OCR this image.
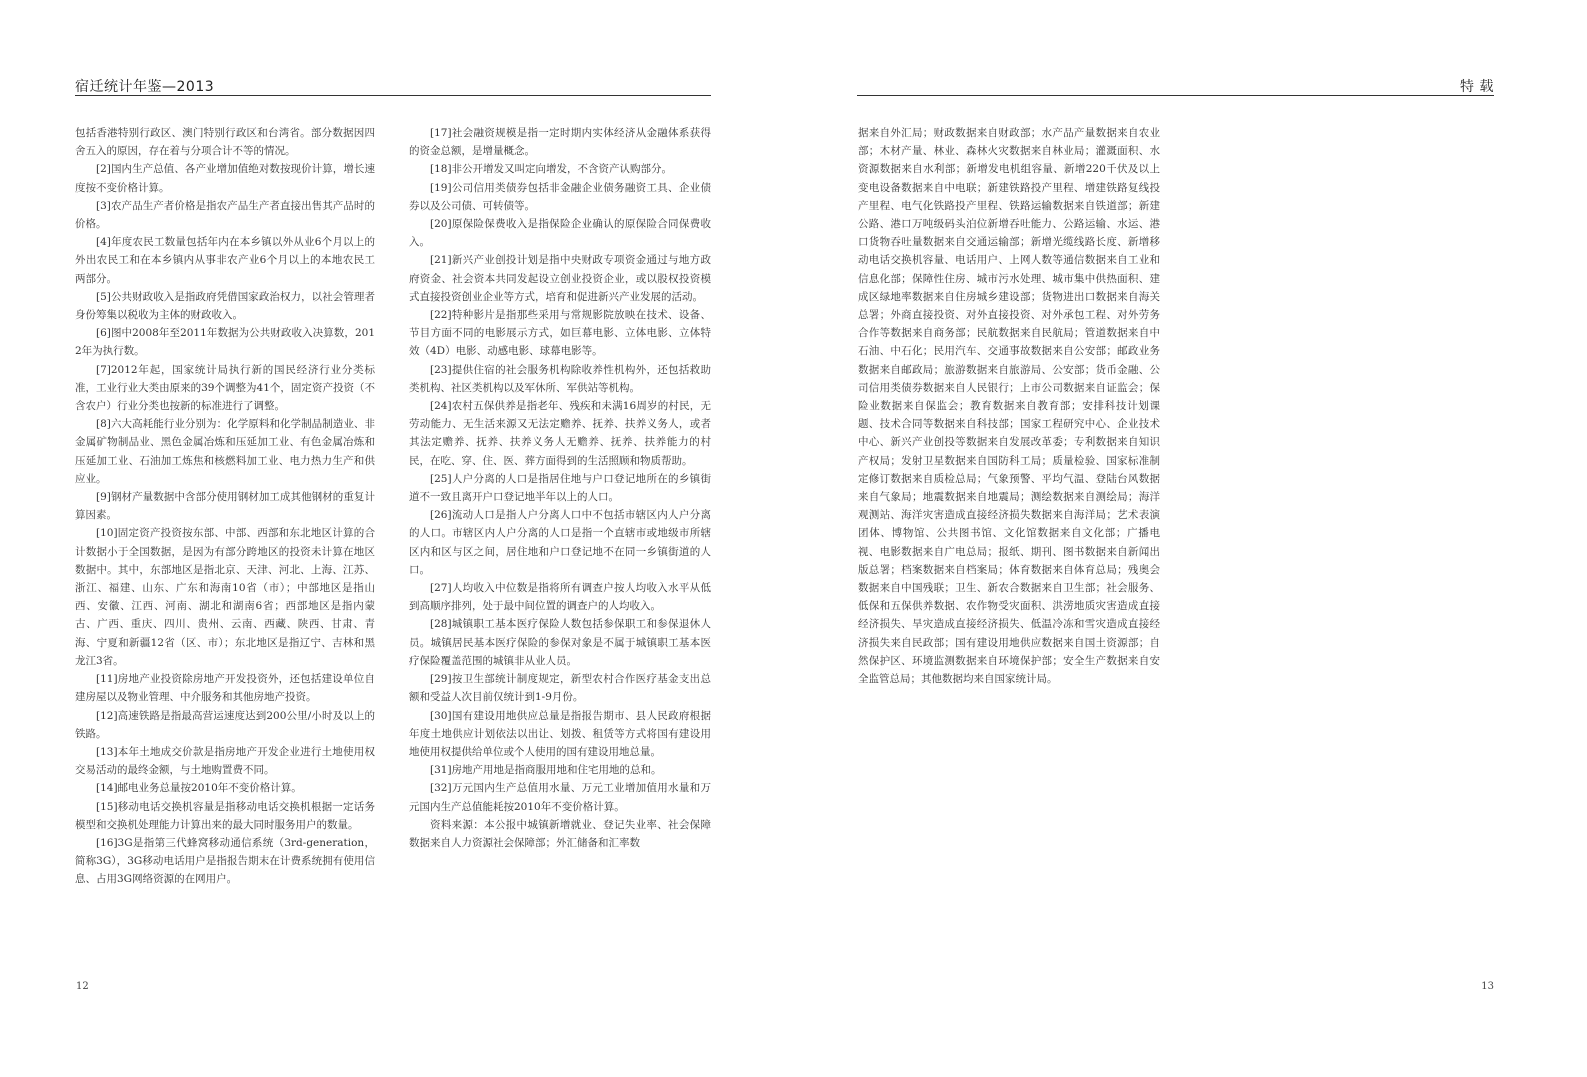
宿迁统计年鉴—2013	特 载

包括香港特别行政区、澳门特别行政区和台湾省。部分数据因四舍五入的原因，存在着与分项合计不等的情况。

[2]国内生产总值、各产业增加值绝对数按现价计算，增长速度按不变价格计算。

[3]农产品生产者价格是指农产品生产者直接出售其产品时的价格。

[4]年度农民工数量包括年内在本乡镇以外从业6个月以上的外出农民工和在本乡镇内从事非农产业6个月以上的本地农民工两部分。

[5]公共财政收入是指政府凭借国家政治权力，以社会管理者身份筹集以税收为主体的财政收入。

[6]图中2008年至2011年数据为公共财政收入决算数，2012年为执行数。

[7]2012年起，国家统计局执行新的国民经济行业分类标准，工业行业大类由原来的39个调整为41个，固定资产投资（不含农户）行业分类也按新的标准进行了调整。

[8]六大高耗能行业分别为：化学原料和化学制品制造业、非金属矿物制品业、黑色金属冶炼和压延加工业、有色金属冶炼和压延加工业、石油加工炼焦和核燃料加工业、电力热力生产和供应业。

[9]钢材产量数据中含部分使用钢材加工成其他钢材的重复计算因素。

[10]固定资产投资按东部、中部、西部和东北地区计算的合计数据小于全国数据，是因为有部分跨地区的投资未计算在地区数据中。其中，东部地区是指北京、天津、河北、上海、江苏、浙江、福建、山东、广东和海南10省（市）；中部地区是指山西、安徽、江西、河南、湖北和湖南6省；西部地区是指内蒙古、广西、重庆、四川、贵州、云南、西藏、陕西、甘肃、青海、宁夏和新疆12省（区、市）；东北地区是指辽宁、吉林和黑龙江3省。

[11]房地产业投资除房地产开发投资外，还包括建设单位自建房屋以及物业管理、中介服务和其他房地产投资。

[12]高速铁路是指最高营运速度达到200公里/小时及以上的铁路。

[13]本年土地成交价款是指房地产开发企业进行土地使用权交易活动的最终金额，与土地购置费不同。

[14]邮电业务总量按2010年不变价格计算。

[15]移动电话交换机容量是指移动电话交换机根据一定话务模型和交换机处理能力计算出来的最大同时服务用户的数量。

[16]3G是指第三代蜂窝移动通信系统（3rd-generation，简称3G），3G移动电话用户是指报告期末在计费系统拥有使用信息、占用3G网络资源的在网用户。

[17]社会融资规模是指一定时期内实体经济从金融体系获得的资金总额，是增量概念。

[18]非公开增发又叫定向增发，不含资产认购部分。

[19]公司信用类债券包括非金融企业债务融资工具、企业债券以及公司债、可转债等。

[20]原保险保费收入是指保险企业确认的原保险合同保费收入。

[21]新兴产业创投计划是指中央财政专项资金通过与地方政府资金、社会资本共同发起设立创业投资企业，或以股权投资模式直接投资创业企业等方式，培育和促进新兴产业发展的活动。

[22]特种影片是指那些采用与常规影院放映在技术、设备、节目方面不同的电影展示方式，如巨幕电影、立体电影、立体特效（4D）电影、动感电影、球幕电影等。

[23]提供住宿的社会服务机构除收养性机构外，还包括救助类机构、社区类机构以及军休所、军供站等机构。

[24]农村五保供养是指老年、残疾和未满16周岁的村民，无劳动能力、无生活来源又无法定赡养、抚养、扶养义务人，或者其法定赡养、抚养、扶养义务人无赡养、抚养、扶养能力的村民，在吃、穿、住、医、葬方面得到的生活照顾和物质帮助。

[25]人户分离的人口是指居住地与户口登记地所在的乡镇街道不一致且离开户口登记地半年以上的人口。

[26]流动人口是指人户分离人口中不包括市辖区内人户分离的人口。市辖区内人户分离的人口是指一个直辖市或地级市所辖区内和区与区之间，居住地和户口登记地不在同一乡镇街道的人口。

[27]人均收入中位数是指将所有调查户按人均收入水平从低到高顺序排列，处于最中间位置的调查户的人均收入。

[28]城镇职工基本医疗保险人数包括参保职工和参保退休人员。城镇居民基本医疗保险的参保对象是不属于城镇职工基本医疗保险覆盖范围的城镇非从业人员。

[29]按卫生部统计制度规定，新型农村合作医疗基金支出总额和受益人次目前仅统计到1-9月份。

[30]国有建设用地供应总量是指报告期市、县人民政府根据年度土地供应计划依法以出让、划拨、租赁等方式将国有建设用地使用权提供给单位或个人使用的国有建设用地总量。

[31]房地产用地是指商服用地和住宅用地的总和。

[32]万元国内生产总值用水量、万元工业增加值用水量和万元国内生产总值能耗按2010年不变价格计算。

资料来源：本公报中城镇新增就业、登记失业率、社会保障数据来自人力资源社会保障部；外汇储备和汇率数

据来自外汇局；财政数据来自财政部；水产品产量数据来自农业部；木材产量、林业、森林火灾数据来自林业局；灌溉面积、水资源数据来自水利部；新增发电机组容量、新增220千伏及以上变电设备数据来自中电联；新建铁路投产里程、增建铁路复线投产里程、电气化铁路投产里程、铁路运输数据来自铁道部；新建公路、港口万吨级码头泊位新增吞吐能力、公路运输、水运、港口货物吞吐量数据来自交通运输部；新增光缆线路长度、新增移动电话交换机容量、电话用户、上网人数等通信数据来自工业和信息化部；保障性住房、城市污水处理、城市集中供热面积、建成区绿地率数据来自住房城乡建设部；货物进出口数据来自海关总署；外商直接投资、对外直接投资、对外承包工程、对外劳务合作等数据来自商务部；民航数据来自民航局；管道数据来自中石油、中石化；民用汽车、交通事故数据来自公安部；邮政业务数据来自邮政局；旅游数据来自旅游局、公安部；货币金融、公司信用类债券数据来自人民银行；上市公司数据来自证监会；保险业数据来自保监会；教育数据来自教育部；安排科技计划课题、技术合同等数据来自科技部；国家工程研究中心、企业技术中心、新兴产业创投等数据来自发展改革委；专利数据来自知识产权局；发射卫星数据来自国防科工局；质量检验、国家标准制定修订数据来自质检总局；气象预警、平均气温、登陆台风数据来自气象局；地震数据来自地震局；测绘数据来自测绘局；海洋观测站、海洋灾害造成直接经济损失数据来自海洋局；艺术表演团体、博物馆、公共图书馆、文化馆数据来自文化部；广播电视、电影数据来自广电总局；报纸、期刊、图书数据来自新闻出版总署；档案数据来自档案局；体育数据来自体育总局；残奥会数据来自中国残联；卫生、新农合数据来自卫生部；社会服务、低保和五保供养数据、农作物受灾面积、洪涝地质灾害造成直接经济损失、旱灾造成直接经济损失、低温冷冻和雪灾造成直接经济损失来自民政部；国有建设用地供应数据来自国土资源部；自然保护区、环境监测数据来自环境保护部；安全生产数据来自安全监管总局；其他数据均来自国家统计局。

12	13
